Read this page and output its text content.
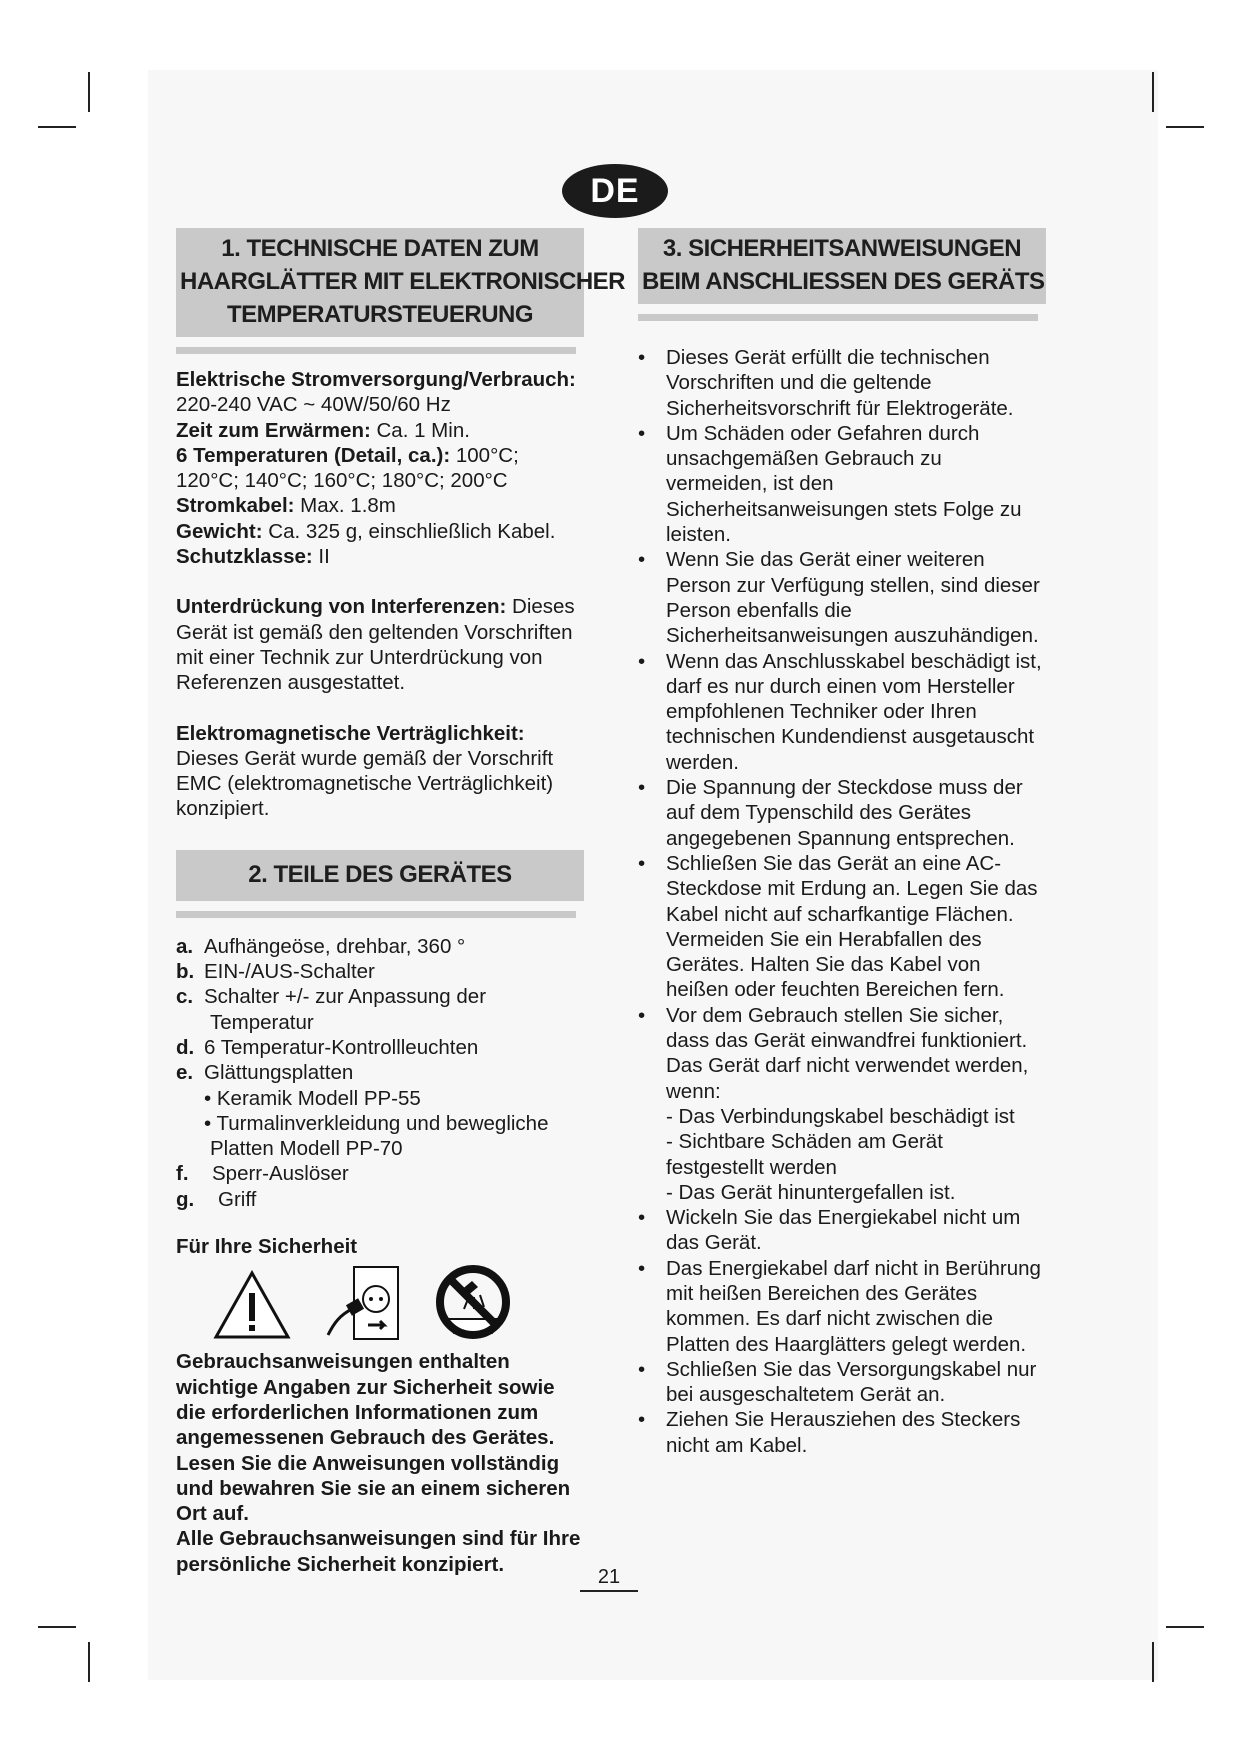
DE
1. TECHNISCHE DATEN ZUM
HAARGLÄTTER MIT ELEKTRONISCHER
TEMPERATURSTEUERUNG

Elektrische Stromversorgung/Verbrauch:

220-240 VAC ~ 40W/50/60 Hz

Zeit zum Erwärmen: Ca. 1 Min.

6 Temperaturen (Detail, ca.): 100°C;

120°C; 140°C; 160°C; 180°C; 200°C

Stromkabel: Max. 1.8m

Gewicht: Ca. 325 g, einschließlich Kabel.

Schutzklasse: II

Unterdrückung von Interferenzen: Dieses Gerät ist gemäß den geltenden Vorschriften mit einer Technik zur Unterdrückung von Referenzen ausgestattet.

Elektromagnetische Verträglichkeit:

Dieses Gerät wurde gemäß der Vorschrift EMC (elektromagnetische Verträglichkeit) konzipiert.

2. TEILE DES GERÄTES
a. Aufhängeöse, drehbar, 360 °
b. EIN-/AUS-Schalter
c. Schalter +/- zur Anpassung der
Temperatur
d. 6 Temperatur-Kontrollleuchten
e. Glättungsplatten
• Keramik Modell PP-55
• Turmalinverkleidung und bewegliche
Platten Modell PP-70
f.	Sperr-Auslöser
g.	Griff

Für Ihre Sicherheit

Gebrauchsanweisungen enthalten wichtige Angaben zur Sicherheit sowie die erforderlichen Informationen zum angemessenen Gebrauch des Gerätes. Lesen Sie die Anweisungen vollständig und bewahren Sie sie an einem sicheren Ort auf.

Alle Gebrauchsanweisungen sind für Ihre persönliche Sicherheit konzipiert.

3. SICHERHEITSANWEISUNGEN
BEIM ANSCHLIESSEN DES GERÄTS
• Dieses Gerät erfüllt die technischen Vorschriften und die geltende Sicherheitsvorschrift für Elektrogeräte.
• Um Schäden oder Gefahren durch unsachgemäßen Gebrauch zu vermeiden, ist den Sicherheitsanweisungen stets Folge zu leisten.
• Wenn Sie das Gerät einer weiteren Person zur Verfügung stellen, sind dieser Person ebenfalls die Sicherheitsanweisungen auszuhändigen.
• Wenn das Anschlusskabel beschädigt ist, darf es nur durch einen vom Hersteller empfohlenen Techniker oder Ihren technischen Kundendienst ausgetauscht werden.
• Die Spannung der Steckdose muss der auf dem Typenschild des Gerätes angegebenen Spannung entsprechen.
• Schließen Sie das Gerät an eine AC-Steckdose mit Erdung an. Legen Sie das Kabel nicht auf scharfkantige Flächen. Vermeiden Sie ein Herabfallen des Gerätes. Halten Sie das Kabel von heißen oder feuchten Bereichen fern.
• Vor dem Gebrauch stellen Sie sicher, dass das Gerät einwandfrei funktioniert.
Das Gerät darf nicht verwendet werden, wenn:
- Das Verbindungskabel beschädigt ist
- Sichtbare Schäden am Gerät festgestellt werden
- Das Gerät hinuntergefallen ist.
• Wickeln Sie das Energiekabel nicht um das Gerät.
• Das Energiekabel darf nicht in Berührung mit heißen Bereichen des Gerätes kommen. Es darf nicht zwischen die Platten des Haarglätters gelegt werden.
• Schließen Sie das Versorgungskabel nur bei ausgeschaltetem Gerät an.
• Ziehen Sie Herausziehen des Steckers nicht am Kabel.
21
